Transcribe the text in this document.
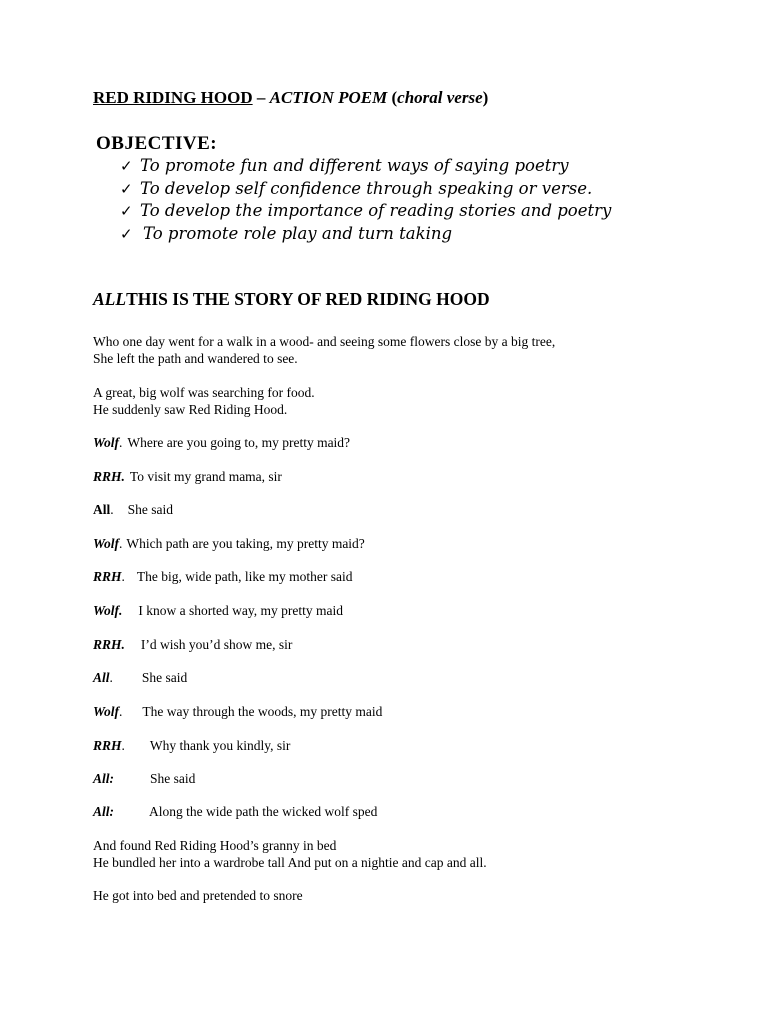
RED RIDING HOOD – ACTION POEM (choral verse)
OBJECTIVE:
✓ To promote fun and different ways of saying poetry
✓ To develop self confidence through speaking or verse.
✓ To develop the importance of reading stories and poetry
✓ To promote role play and turn taking
ALLTHIS IS THE STORY OF RED RIDING HOOD
Who one day went for a walk in a wood- and seeing some flowers close by a big tree,
She left the path and wandered to see.
A great, big wolf was searching for food.
He suddenly saw Red Riding Hood.
Wolf. Where are you going to, my pretty maid?
RRH. To visit my grand mama, sir
All. She said
Wolf. Which path are you taking, my pretty maid?
RRH. The big, wide path, like my mother said
Wolf. I know a shorted way, my pretty maid
RRH. I’d wish you’d show me, sir
All. She said
Wolf. The way through the woods, my pretty maid
RRH. Why thank you kindly, sir
All:	She said
All:	Along the wide path the wicked wolf sped
And found Red Riding Hood’s granny in bed
He bundled her into a wardrobe tall And put on a nightie and cap and all.
He got into bed and pretended to snore
